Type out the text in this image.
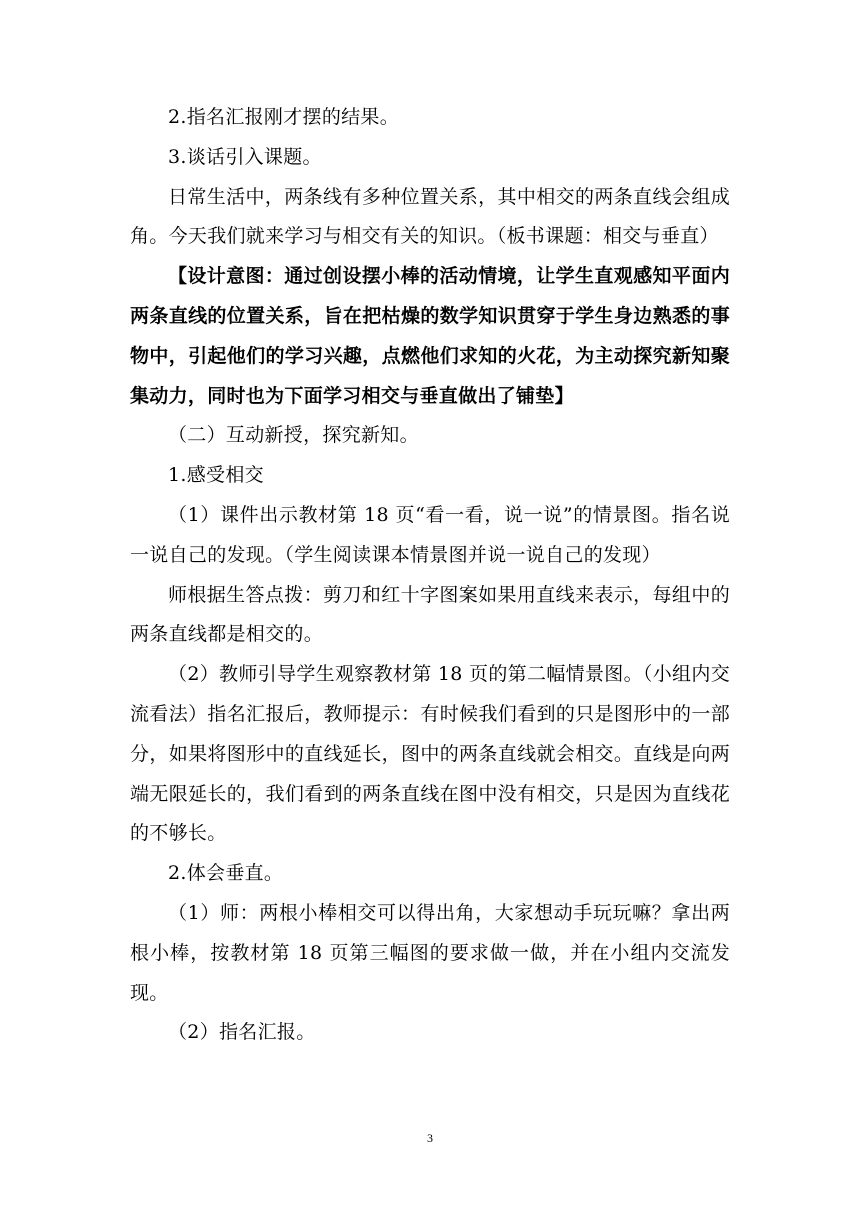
2.指名汇报刚才摆的结果。

3.谈话引入课题。

日常生活中，两条线有多种位置关系，其中相交的两条直线会组成角。今天我们就来学习与相交有关的知识。（板书课题：相交与垂直）

【设计意图：通过创设摆小棒的活动情境，让学生直观感知平面内两条直线的位置关系，旨在把枯燥的数学知识贯穿于学生身边熟悉的事物中，引起他们的学习兴趣，点燃他们求知的火花，为主动探究新知聚集动力，同时也为下面学习相交与垂直做出了铺垫】

（二）互动新授，探究新知。

1.感受相交

（1）课件出示教材第 18 页“看一看，说一说”的情景图。指名说一说自己的发现。（学生阅读课本情景图并说一说自己的发现）

师根据生答点拨：剪刀和红十字图案如果用直线来表示，每组中的两条直线都是相交的。

（2）教师引导学生观察教材第 18 页的第二幅情景图。（小组内交流看法）指名汇报后，教师提示：有时候我们看到的只是图形中的一部分，如果将图形中的直线延长，图中的两条直线就会相交。直线是向两端无限延长的，我们看到的两条直线在图中没有相交，只是因为直线花的不够长。

2.体会垂直。

（1）师：两根小棒相交可以得出角，大家想动手玩玩嘛？拿出两根小棒，按教材第 18 页第三幅图的要求做一做，并在小组内交流发现。

（2）指名汇报。

3
